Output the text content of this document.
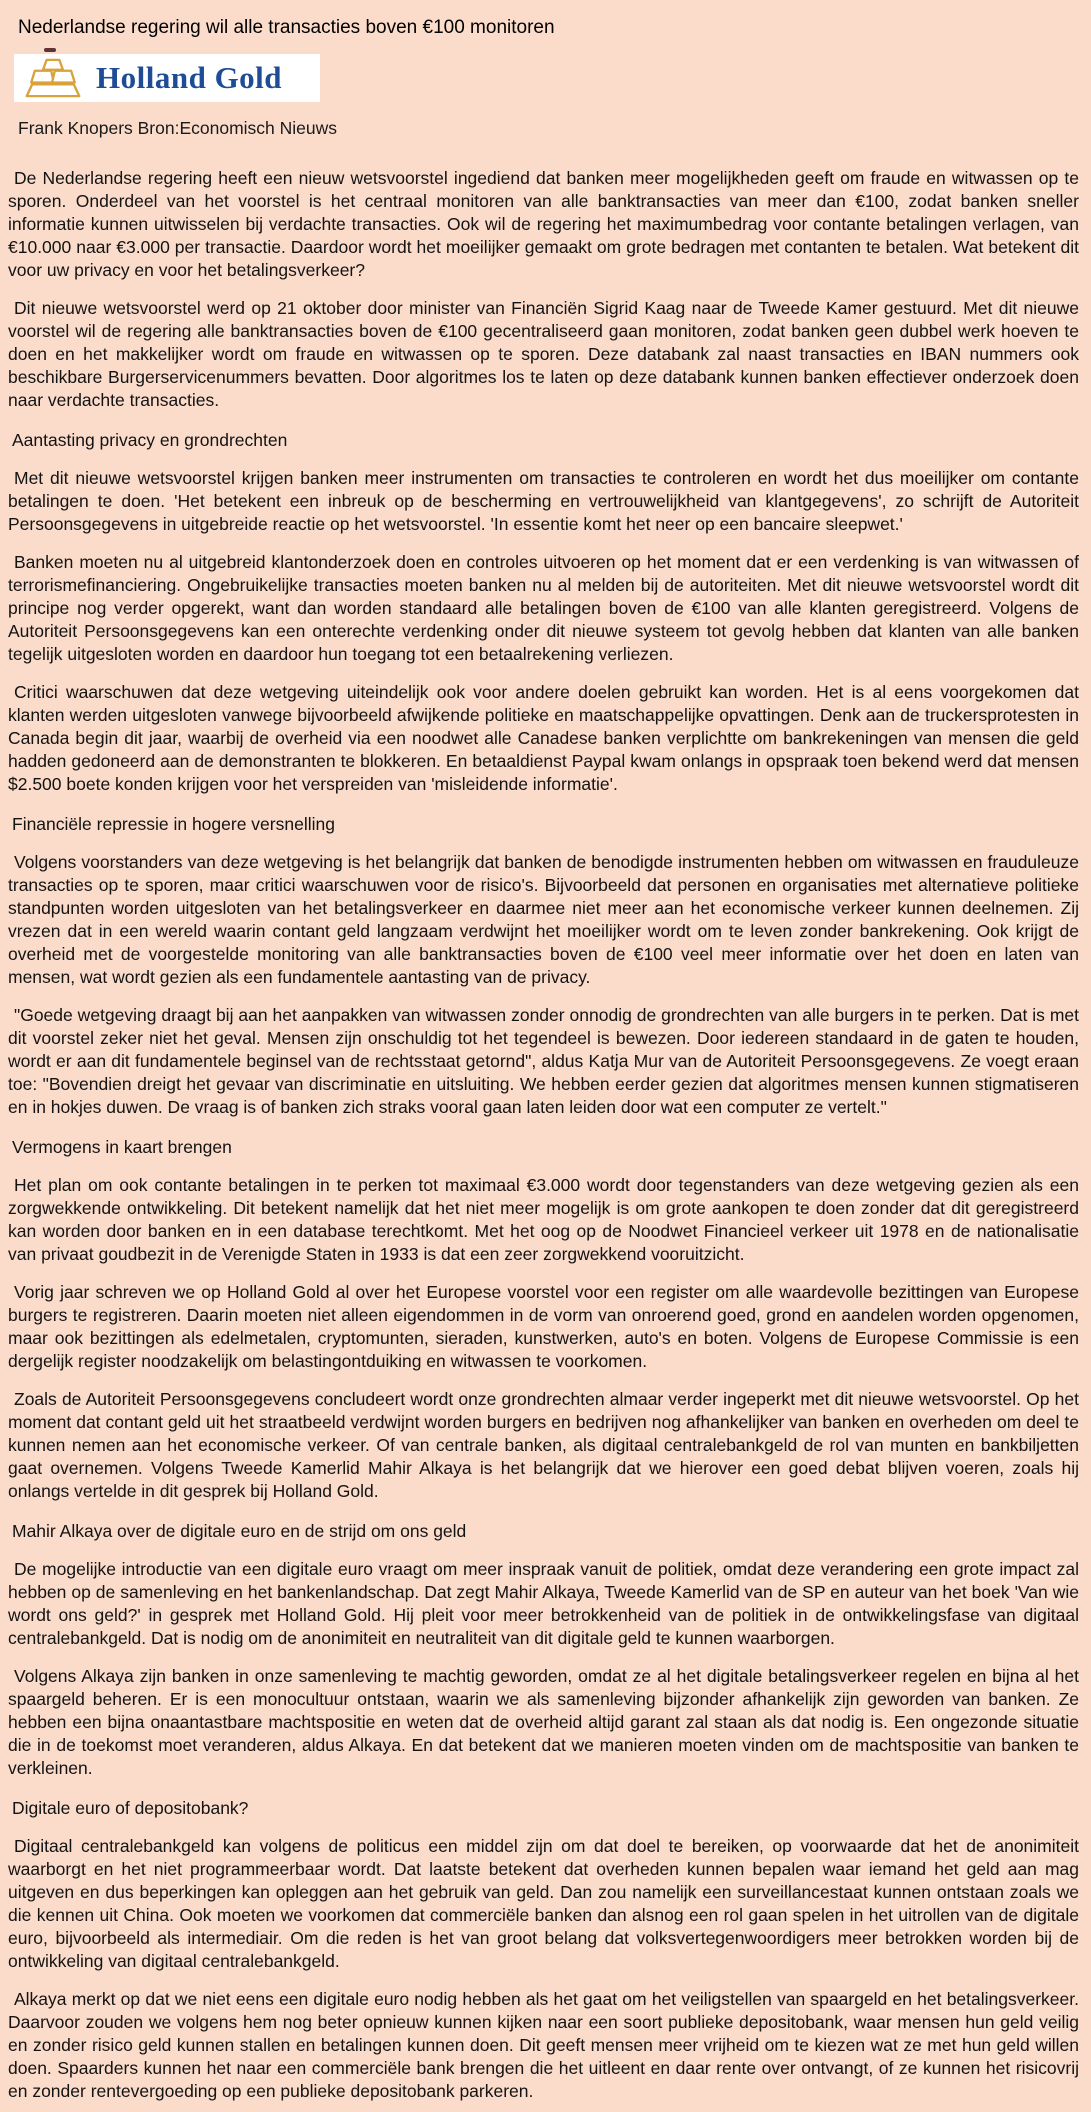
Nederlandse regering wil alle transacties boven €100 monitoren
Holland Gold
Frank Knopers Bron:Economisch Nieuws

De Nederlandse regering heeft een nieuw wetsvoorstel ingediend dat banken meer mogelijkheden geeft om fraude en witwassen op te sporen. Onderdeel van het voorstel is het centraal monitoren van alle banktransacties van meer dan €100, zodat banken sneller informatie kunnen uitwisselen bij verdachte transacties. Ook wil de regering het maximumbedrag voor contante betalingen verlagen, van €10.000 naar €3.000 per transactie. Daardoor wordt het moeilijker gemaakt om grote bedragen met contanten te betalen. Wat betekent dit voor uw privacy en voor het betalingsverkeer?

Dit nieuwe wetsvoorstel werd op 21 oktober door minister van Financiën Sigrid Kaag naar de Tweede Kamer gestuurd. Met dit nieuwe voorstel wil de regering alle banktransacties boven de €100 gecentraliseerd gaan monitoren, zodat banken geen dubbel werk hoeven te doen en het makkelijker wordt om fraude en witwassen op te sporen. Deze databank zal naast transacties en IBAN nummers ook beschikbare Burgerservicenummers bevatten. Door algoritmes los te laten op deze databank kunnen banken effectiever onderzoek doen naar verdachte transacties.

Aantasting privacy en grondrechten

Met dit nieuwe wetsvoorstel krijgen banken meer instrumenten om transacties te controleren en wordt het dus moeilijker om contante betalingen te doen. 'Het betekent een inbreuk op de bescherming en vertrouwelijkheid van klantgegevens', zo schrijft de Autoriteit Persoonsgegevens in uitgebreide reactie op het wetsvoorstel. 'In essentie komt het neer op een bancaire sleepwet.'

Banken moeten nu al uitgebreid klantonderzoek doen en controles uitvoeren op het moment dat er een verdenking is van witwassen of terrorismefinanciering. Ongebruikelijke transacties moeten banken nu al melden bij de autoriteiten. Met dit nieuwe wetsvoorstel wordt dit principe nog verder opgerekt, want dan worden standaard alle betalingen boven de €100 van alle klanten geregistreerd. Volgens de Autoriteit Persoonsgegevens kan een onterechte verdenking onder dit nieuwe systeem tot gevolg hebben dat klanten van alle banken tegelijk uitgesloten worden en daardoor hun toegang tot een betaalrekening verliezen.

Critici waarschuwen dat deze wetgeving uiteindelijk ook voor andere doelen gebruikt kan worden. Het is al eens voorgekomen dat klanten werden uitgesloten vanwege bijvoorbeeld afwijkende politieke en maatschappelijke opvattingen. Denk aan de truckersprotesten in Canada begin dit jaar, waarbij de overheid via een noodwet alle Canadese banken verplichtte om bankrekeningen van mensen die geld hadden gedoneerd aan de demonstranten te blokkeren. En betaaldienst Paypal kwam onlangs in opspraak toen bekend werd dat mensen $2.500 boete konden krijgen voor het verspreiden van 'misleidende informatie'.

Financiële repressie in hogere versnelling

Volgens voorstanders van deze wetgeving is het belangrijk dat banken de benodigde instrumenten hebben om witwassen en frauduleuze transacties op te sporen, maar critici waarschuwen voor de risico's. Bijvoorbeeld dat personen en organisaties met alternatieve politieke standpunten worden uitgesloten van het betalingsverkeer en daarmee niet meer aan het economische verkeer kunnen deelnemen. Zij vrezen dat in een wereld waarin contant geld langzaam verdwijnt het moeilijker wordt om te leven zonder bankrekening. Ook krijgt de overheid met de voorgestelde monitoring van alle banktransacties boven de €100 veel meer informatie over het doen en laten van mensen, wat wordt gezien als een fundamentele aantasting van de privacy.

"Goede wetgeving draagt bij aan het aanpakken van witwassen zonder onnodig de grondrechten van alle burgers in te perken. Dat is met dit voorstel zeker niet het geval. Mensen zijn onschuldig tot het tegendeel is bewezen. Door iedereen standaard in de gaten te houden, wordt er aan dit fundamentele beginsel van de rechtsstaat getornd", aldus Katja Mur van de Autoriteit Persoonsgegevens. Ze voegt eraan toe: "Bovendien dreigt het gevaar van discriminatie en uitsluiting. We hebben eerder gezien dat algoritmes mensen kunnen stigmatiseren en in hokjes duwen. De vraag is of banken zich straks vooral gaan laten leiden door wat een computer ze vertelt."

Vermogens in kaart brengen

Het plan om ook contante betalingen in te perken tot maximaal €3.000 wordt door tegenstanders van deze wetgeving gezien als een zorgwekkende ontwikkeling. Dit betekent namelijk dat het niet meer mogelijk is om grote aankopen te doen zonder dat dit geregistreerd kan worden door banken en in een database terechtkomt. Met het oog op de Noodwet Financieel verkeer uit 1978 en de nationalisatie van privaat goudbezit in de Verenigde Staten in 1933 is dat een zeer zorgwekkend vooruitzicht.

Vorig jaar schreven we op Holland Gold al over het Europese voorstel voor een register om alle waardevolle bezittingen van Europese burgers te registreren. Daarin moeten niet alleen eigendommen in de vorm van onroerend goed, grond en aandelen worden opgenomen, maar ook bezittingen als edelmetalen, cryptomunten, sieraden, kunstwerken, auto's en boten. Volgens de Europese Commissie is een dergelijk register noodzakelijk om belastingontduiking en witwassen te voorkomen.

Zoals de Autoriteit Persoonsgegevens concludeert wordt onze grondrechten almaar verder ingeperkt met dit nieuwe wetsvoorstel. Op het moment dat contant geld uit het straatbeeld verdwijnt worden burgers en bedrijven nog afhankelijker van banken en overheden om deel te kunnen nemen aan het economische verkeer. Of van centrale banken, als digitaal centralebankgeld de rol van munten en bankbiljetten gaat overnemen. Volgens Tweede Kamerlid Mahir Alkaya is het belangrijk dat we hierover een goed debat blijven voeren, zoals hij onlangs vertelde in dit gesprek bij Holland Gold.

Mahir Alkaya over de digitale euro en de strijd om ons geld

De mogelijke introductie van een digitale euro vraagt om meer inspraak vanuit de politiek, omdat deze verandering een grote impact zal hebben op de samenleving en het bankenlandschap. Dat zegt Mahir Alkaya, Tweede Kamerlid van de SP en auteur van het boek 'Van wie wordt ons geld?' in gesprek met Holland Gold. Hij pleit voor meer betrokkenheid van de politiek in de ontwikkelingsfase van digitaal centralebankgeld. Dat is nodig om de anonimiteit en neutraliteit van dit digitale geld te kunnen waarborgen.

Volgens Alkaya zijn banken in onze samenleving te machtig geworden, omdat ze al het digitale betalingsverkeer regelen en bijna al het spaargeld beheren. Er is een monocultuur ontstaan, waarin we als samenleving bijzonder afhankelijk zijn geworden van banken. Ze hebben een bijna onaantastbare machtspositie en weten dat de overheid altijd garant zal staan als dat nodig is. Een ongezonde situatie die in de toekomst moet veranderen, aldus Alkaya. En dat betekent dat we manieren moeten vinden om de machtspositie van banken te verkleinen.

Digitale euro of depositobank?

Digitaal centralebankgeld kan volgens de politicus een middel zijn om dat doel te bereiken, op voorwaarde dat het de anonimiteit waarborgt en het niet programmeerbaar wordt. Dat laatste betekent dat overheden kunnen bepalen waar iemand het geld aan mag uitgeven en dus beperkingen kan opleggen aan het gebruik van geld. Dan zou namelijk een surveillancestaat kunnen ontstaan zoals we die kennen uit China. Ook moeten we voorkomen dat commerciële banken dan alsnog een rol gaan spelen in het uitrollen van de digitale euro, bijvoorbeeld als intermediair. Om die reden is het van groot belang dat volksvertegenwoordigers meer betrokken worden bij de ontwikkeling van digitaal centralebankgeld.

Alkaya merkt op dat we niet eens een digitale euro nodig hebben als het gaat om het veiligstellen van spaargeld en het betalingsverkeer. Daarvoor zouden we volgens hem nog beter opnieuw kunnen kijken naar een soort publieke depositobank, waar mensen hun geld veilig en zonder risico geld kunnen stallen en betalingen kunnen doen. Dit geeft mensen meer vrijheid om te kiezen wat ze met hun geld willen doen. Spaarders kunnen het naar een commerciële bank brengen die het uitleent en daar rente over ontvangt, of ze kunnen het risicovrij en zonder rentevergoeding op een publieke depositobank parkeren.
